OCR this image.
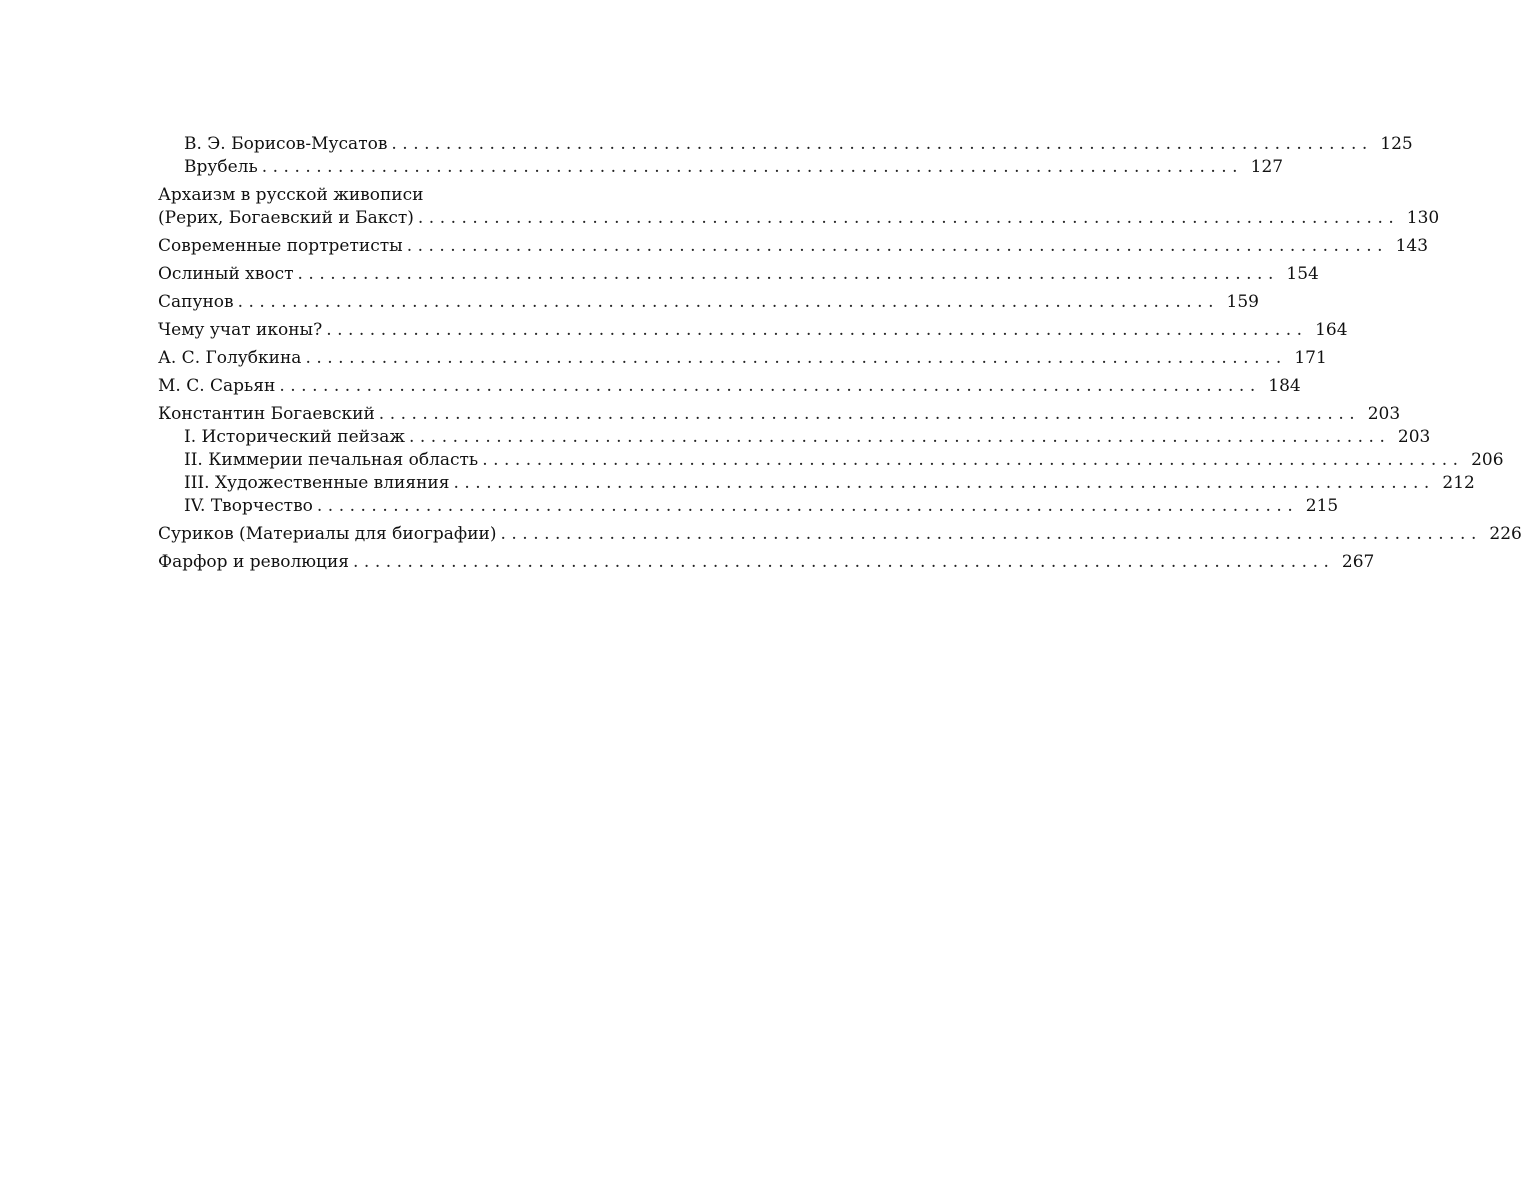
В. Э. Борисов-Мусатов .......................................................................................... 125
Врубель .......................................................................................... 127
Архаизм в русской живописи
(Рерих, Богаевский и Бакст) .......................................................................................... 130
Современные портретисты .......................................................................................... 143
Ослиный хвост .......................................................................................... 154
Сапунов .......................................................................................... 159
Чему учат иконы? .......................................................................................... 164
А. С. Голубкина .......................................................................................... 171
М. С. Сарьян .......................................................................................... 184
Константин Богаевский .......................................................................................... 203
I. Исторический пейзаж .......................................................................................... 203
II. Киммерии печальная область .......................................................................................... 206
III. Художественные влияния .......................................................................................... 212
IV. Творчество .......................................................................................... 215
Суриков (Материалы для биографии) .......................................................................................... 226
Фарфор и революция .......................................................................................... 267
